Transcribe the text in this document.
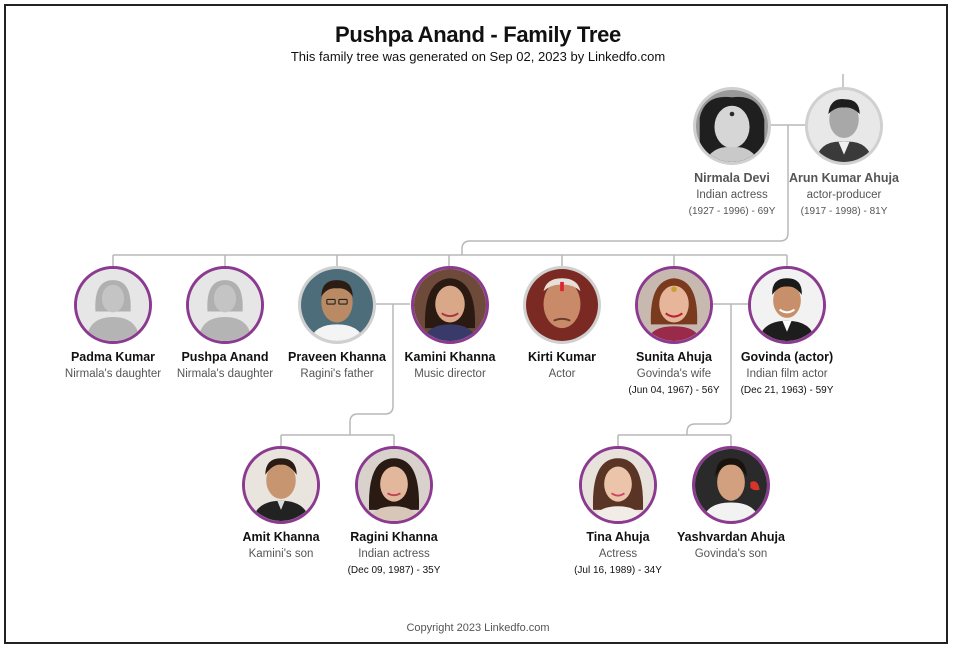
Pushpa Anand - Family Tree
This family tree was generated on Sep 02, 2023 by Linkedfo.com
Nirmala Devi
Indian actress
(1927 - 1996) - 69Y
Arun Kumar Ahuja
actor-producer
(1917 - 1998) - 81Y
Padma Kumar
Nirmala's daughter
Pushpa Anand
Nirmala's daughter
Praveen Khanna
Ragini's father
Kamini Khanna
Music director
Kirti Kumar
Actor
Sunita Ahuja
Govinda's wife
(Jun 04, 1967) - 56Y
Govinda (actor)
Indian film actor
(Dec 21, 1963) - 59Y
Amit Khanna
Kamini's son
Ragini Khanna
Indian actress
(Dec 09, 1987) - 35Y
Tina Ahuja
Actress
(Jul 16, 1989) - 34Y
Yashvardan Ahuja
Govinda's son
Copyright 2023 Linkedfo.com
